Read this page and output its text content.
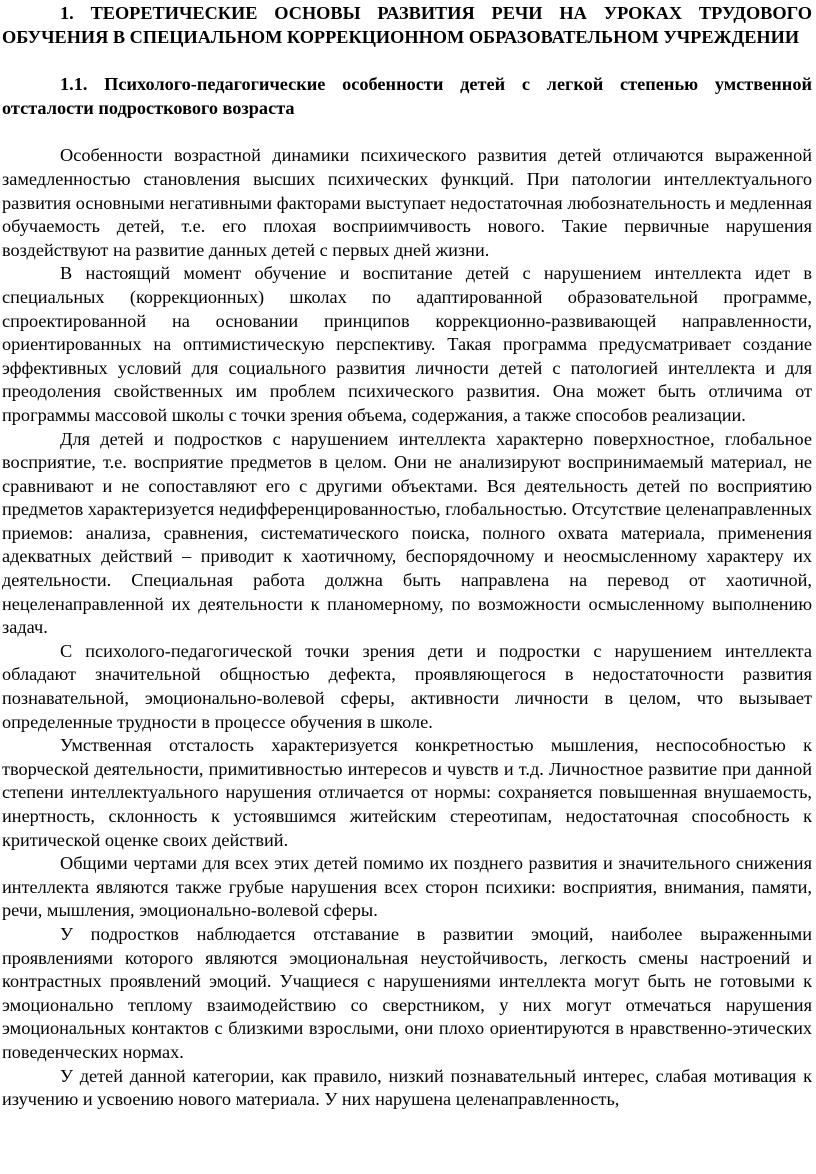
1. ТЕОРЕТИЧЕСКИЕ ОСНОВЫ РАЗВИТИЯ РЕЧИ НА УРОКАХ ТРУДОВОГО ОБУЧЕНИЯ В СПЕЦИАЛЬНОМ КОРРЕКЦИОННОМ ОБРАЗОВАТЕЛЬНОМ УЧРЕЖДЕНИИ
1.1. Психолого-педагогические особенности детей с легкой степенью умственной отсталости подросткового возраста

Особенности возрастной динамики психического развития детей отличаются выраженной замедленностью становления высших психических функций. При патологии интеллектуального развития основными негативными факторами выступает недостаточная любознательность и медленная обучаемость детей, т.е. его плохая восприимчивость нового. Такие первичные нарушения воздействуют на развитие данных детей с первых дней жизни.

В настоящий момент обучение и воспитание детей с нарушением интеллекта идет в специальных (коррекционных) школах по адаптированной образовательной программе, спроектированной на основании принципов коррекционно-развивающей направленности, ориентированных на оптимистическую перспективу. Такая программа предусматривает создание эффективных условий для социального развития личности детей с патологией интеллекта и для преодоления свойственных им проблем психического развития. Она может быть отличима от программы массовой школы с точки зрения объема, содержания, а также способов реализации.

Для детей и подростков с нарушением интеллекта характерно поверхностное, глобальное восприятие, т.е. восприятие предметов в целом. Они не анализируют воспринимаемый материал, не сравнивают и не сопоставляют его с другими объектами. Вся деятельность детей по восприятию предметов характеризуется недифференцированностью, глобальностью. Отсутствие целенаправленных приемов: анализа, сравнения, систематического поиска, полного охвата материала, применения адекватных действий – приводит к хаотичному, беспорядочному и неосмысленному характеру их деятельности. Специальная работа должна быть направлена на перевод от хаотичной, нецеленаправленной их деятельности к планомерному, по возможности осмысленному выполнению задач.

С психолого-педагогической точки зрения дети и подростки с нарушением интеллекта обладают значительной общностью дефекта, проявляющегося в недостаточности развития познавательной, эмоционально-волевой сферы, активности личности в целом, что вызывает определенные трудности в процессе обучения в школе.

Умственная отсталость характеризуется конкретностью мышления, неспособностью к творческой деятельности, примитивностью интересов и чувств и т.д. Личностное развитие при данной степени интеллектуального нарушения отличается от нормы: сохраняется повышенная внушаемость, инертность, склонность к устоявшимся житейским стереотипам, недостаточная способность к критической оценке своих действий.

Общими чертами для всех этих детей помимо их позднего развития и значительного снижения интеллекта являются также грубые нарушения всех сторон психики: восприятия, внимания, памяти, речи, мышления, эмоционально-волевой сферы.

У подростков наблюдается отставание в развитии эмоций, наиболее выраженными проявлениями которого являются эмоциональная неустойчивость, легкость смены настроений и контрастных проявлений эмоций. Учащиеся с нарушениями интеллекта могут быть не готовыми к эмоционально теплому взаимодействию со сверстником, у них могут отмечаться нарушения эмоциональных контактов с близкими взрослыми, они плохо ориентируются в нравственно-этических поведенческих нормах.

У детей данной категории, как правило, низкий познавательный интерес, слабая мотивация к изучению и усвоению нового материала. У них нарушена целенаправленность,
